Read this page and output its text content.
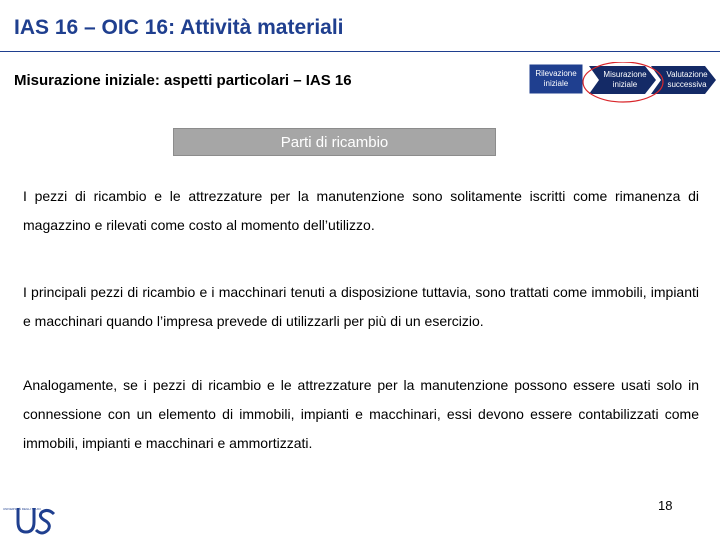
IAS 16 – OIC 16: Attività materiali
Misurazione iniziale: aspetti particolari – IAS 16	Rilevazione
iniziale
Misurazione
iniziale
Valutazione
successiva
Parti di ricambio

I pezzi di ricambio e le attrezzature per la manutenzione sono solitamente iscritti come rimanenza di magazzino e rilevati come costo al momento dell’utilizzo.

I principali pezzi di ricambio e i macchinari tenuti a disposizione tuttavia, sono trattati come immobili, impianti e macchinari quando l’impresa prevede di utilizzarli per più di un esercizio.

Analogamente, se i pezzi di ricambio e le attrezzature per la manutenzione possono essere usati solo in connessione con un elemento di immobili, impianti e macchinari, essi devono essere contabilizzati come immobili, impianti e macchinari e ammortizzati.

18
UNIVERSITÀ DEGLI STUDI
